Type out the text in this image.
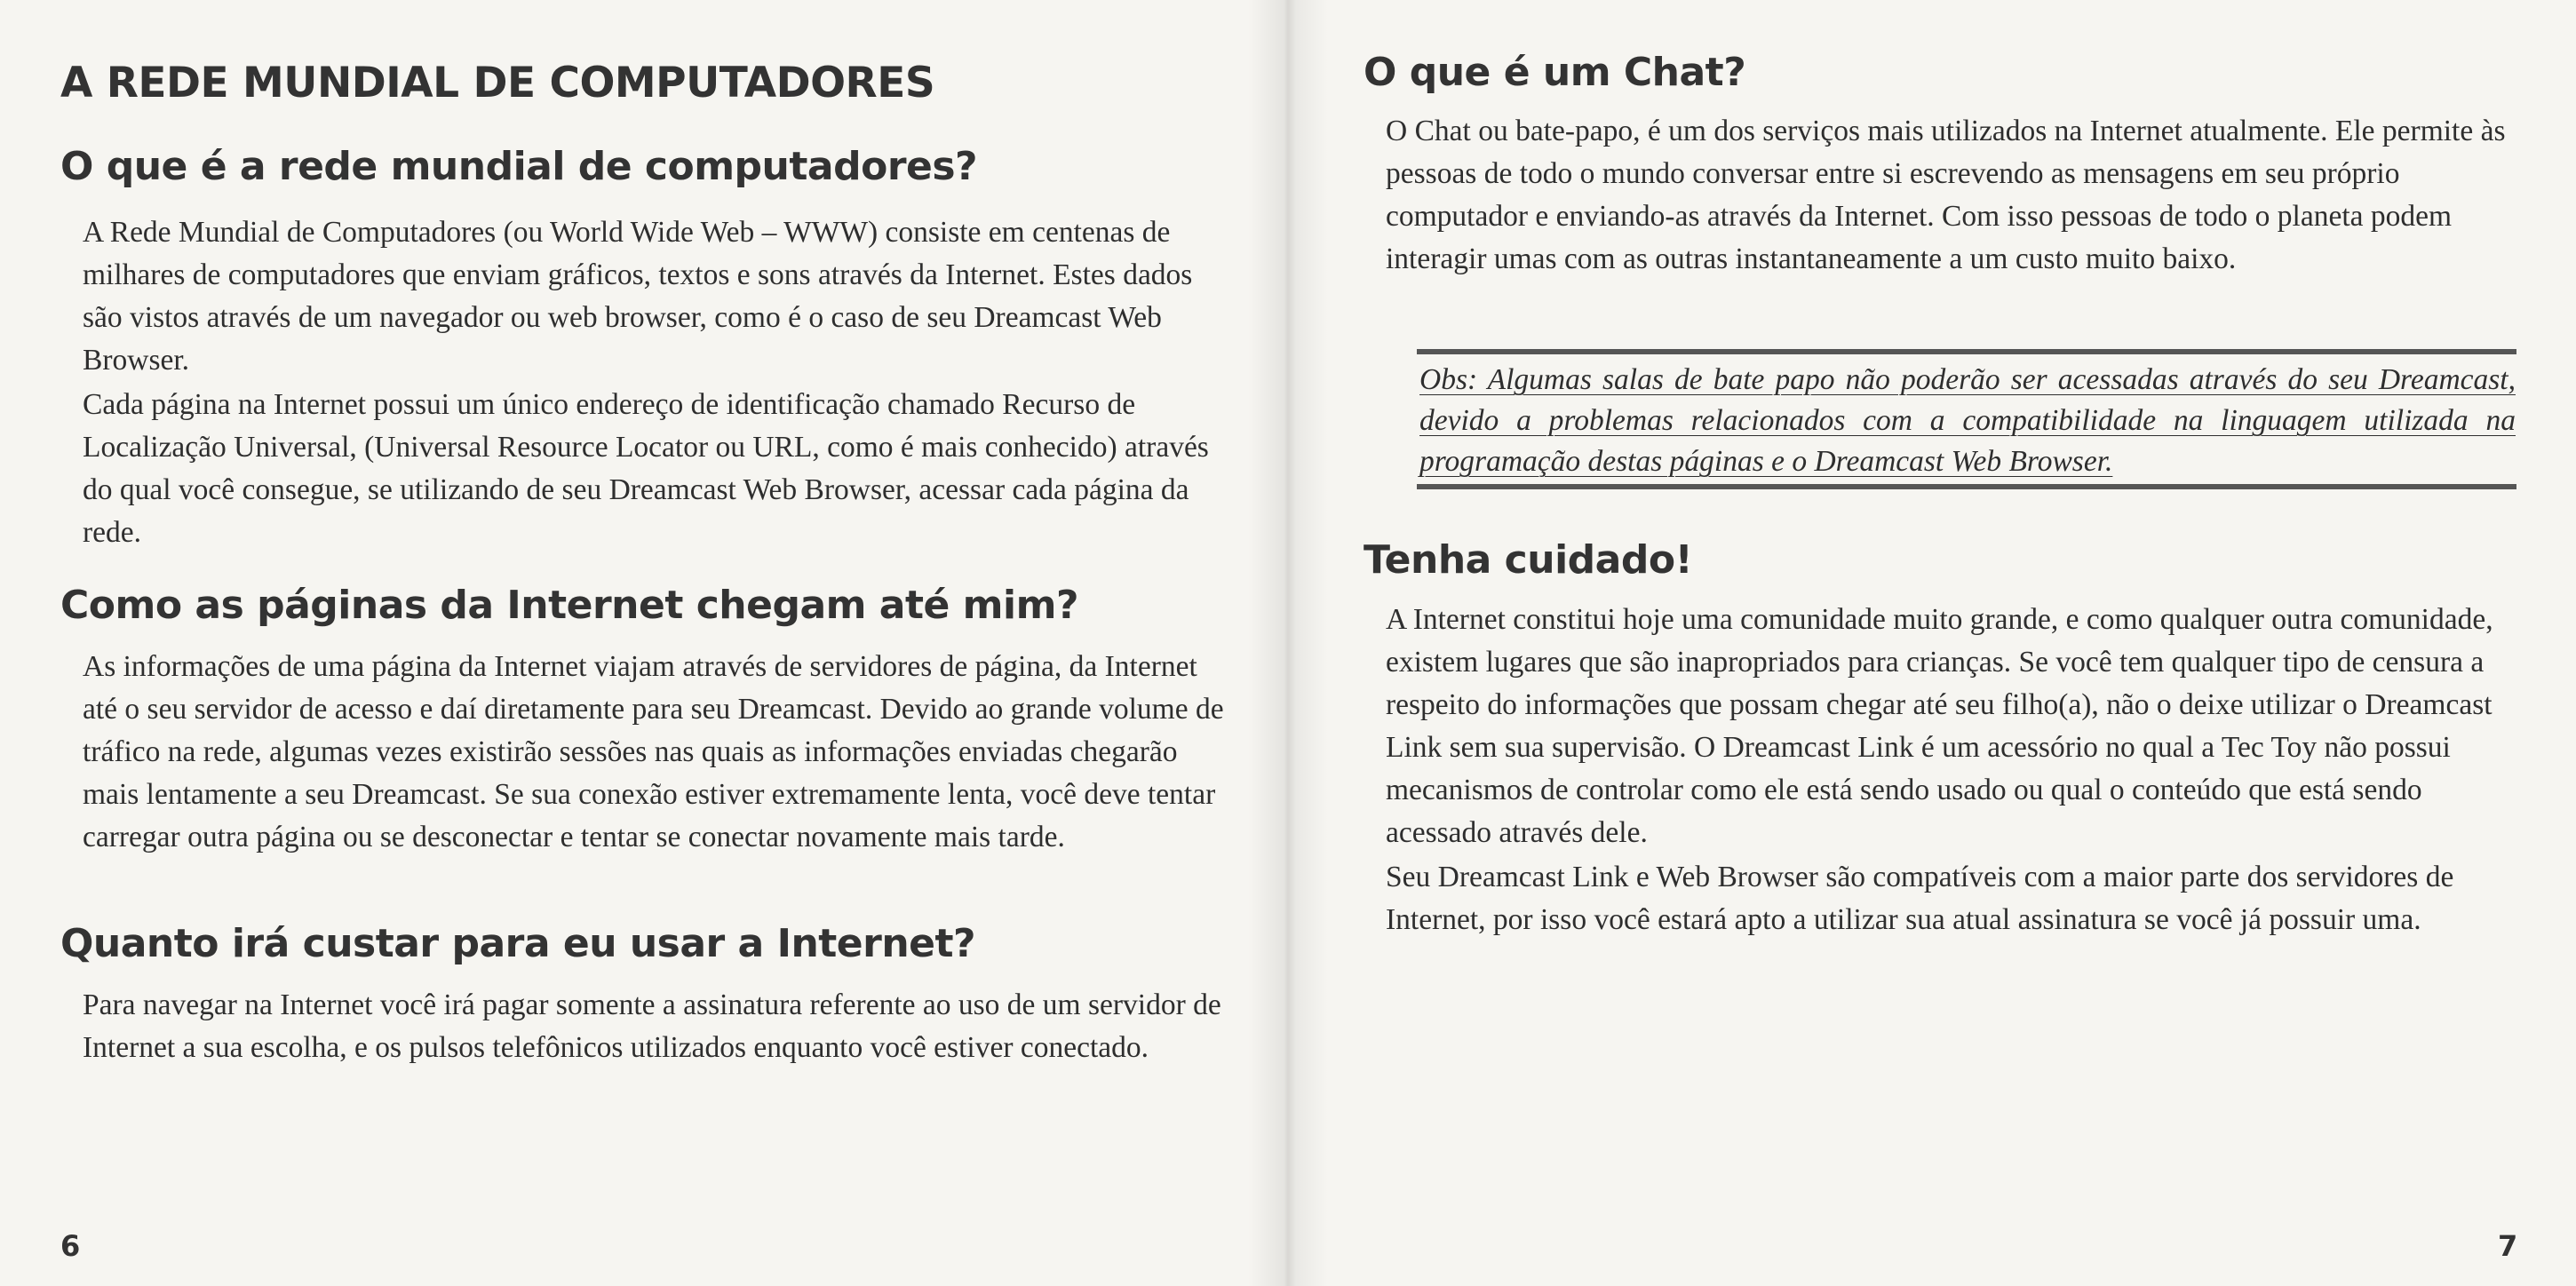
A REDE MUNDIAL DE COMPUTADORES
O que é a rede mundial de computadores?

A Rede Mundial de Computadores (ou World Wide Web – WWW) consiste em centenas de milhares de computadores que enviam gráficos, textos e sons através da Internet. Estes dados são vistos através de um navegador ou web browser, como é o caso de seu Dreamcast Web Browser.

Cada página na Internet possui um único endereço de identificação chamado Recurso de Localização Universal, (Universal Resource Locator ou URL, como é mais conhecido) através do qual você consegue, se utilizando de seu Dreamcast Web Browser, acessar cada página da rede.

Como as páginas da Internet chegam até mim?

As informações de uma página da Internet viajam através de servidores de página, da Internet até o seu servidor de acesso e daí diretamente para seu Dreamcast. Devido ao grande volume de tráfico na rede, algumas vezes existirão sessões nas quais as informações enviadas chegarão mais lentamente a seu Dreamcast. Se sua conexão estiver extremamente lenta, você deve tentar carregar outra página ou se desconectar e tentar se conectar novamente mais tarde.

Quanto irá custar para eu usar a Internet?

Para navegar na Internet você irá pagar somente a assinatura referente ao uso de um servidor de Internet a sua escolha, e os pulsos telefônicos utilizados enquanto você estiver conectado.

6
O que é um Chat?

O Chat ou bate-papo, é um dos serviços mais utilizados na Internet atualmente. Ele permite às pessoas de todo o mundo conversar entre si escrevendo as mensagens em seu próprio computador e enviando-as através da Internet. Com isso pessoas de todo o planeta podem interagir umas com as outras instantaneamente a um custo muito baixo.

Obs: Algumas salas de bate papo não poderão ser acessadas através do seu Dreamcast, devido a problemas relacionados com a compatibilidade na linguagem utilizada na programação destas páginas e o Dreamcast Web Browser.

Tenha cuidado!

A Internet constitui hoje uma comunidade muito grande, e como qualquer outra comunidade, existem lugares que são inapropriados para crianças. Se você tem qualquer tipo de censura a respeito do informações que possam chegar até seu filho(a), não o deixe utilizar o Dreamcast Link sem sua supervisão. O Dreamcast Link é um acessório no qual a Tec Toy não possui mecanismos de controlar como ele está sendo usado ou qual o conteúdo que está sendo acessado através dele.

Seu Dreamcast Link e Web Browser são compatíveis com a maior parte dos servidores de Internet, por isso você estará apto a utilizar sua atual assinatura se você já possuir uma.

7
